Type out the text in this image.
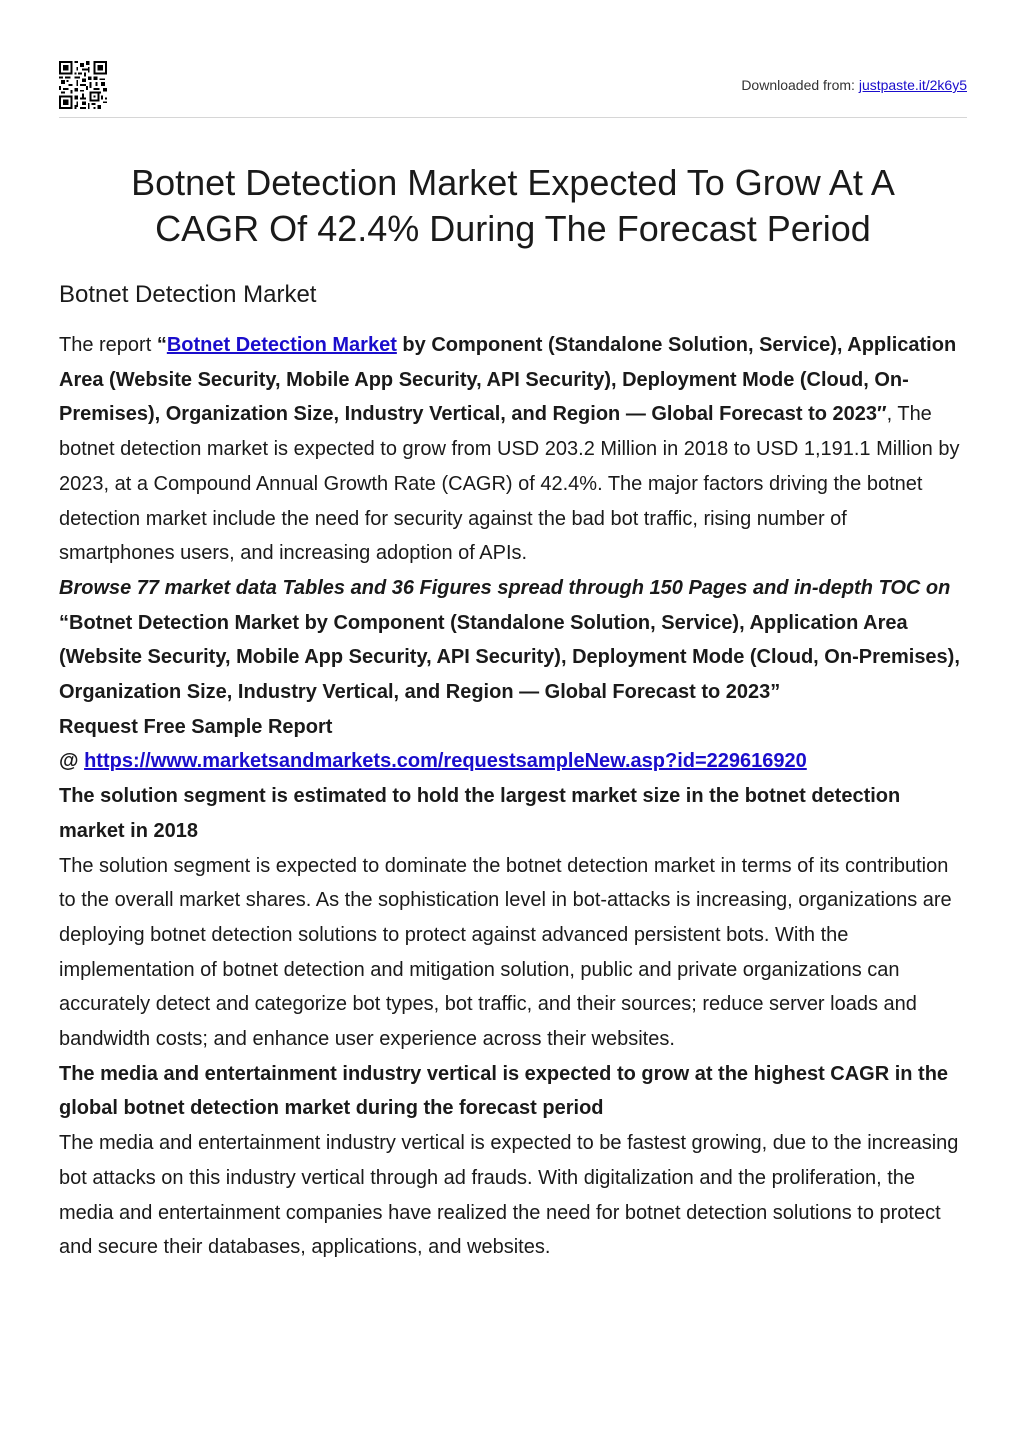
Downloaded from: justpaste.it/2k6y5
Botnet Detection Market Expected To Grow At A
CAGR Of 42.4% During The Forecast Period
Botnet Detection Market

The report “Botnet Detection Market by Component (Standalone Solution, Service), Application Area (Website Security, Mobile App Security, API Security), Deployment Mode (Cloud, On-Premises), Organization Size, Industry Vertical, and Region — Global Forecast to 2023″, The botnet detection market is expected to grow from USD 203.2 Million in 2018 to USD 1,191.1 Million by 2023, at a Compound Annual Growth Rate (CAGR) of 42.4%. The major factors driving the botnet detection market include the need for security against the bad bot traffic, rising number of smartphones users, and increasing adoption of APIs.

Browse 77 market data Tables and 36 Figures spread through 150 Pages and in-depth TOC on “Botnet Detection Market by Component (Standalone Solution, Service), Application Area (Website Security, Mobile App Security, API Security), Deployment Mode (Cloud, On-Premises), Organization Size, Industry Vertical, and Region — Global Forecast to 2023”

Request Free Sample Report

@ https://www.marketsandmarkets.com/requestsampleNew.asp?id=229616920

The solution segment is estimated to hold the largest market size in the botnet detection market in 2018

The solution segment is expected to dominate the botnet detection market in terms of its contribution to the overall market shares. As the sophistication level in bot-attacks is increasing, organizations are deploying botnet detection solutions to protect against advanced persistent bots. With the implementation of botnet detection and mitigation solution, public and private organizations can accurately detect and categorize bot types, bot traffic, and their sources; reduce server loads and bandwidth costs; and enhance user experience across their websites.

The media and entertainment industry vertical is expected to grow at the highest CAGR in the global botnet detection market during the forecast period

The media and entertainment industry vertical is expected to be fastest growing, due to the increasing bot attacks on this industry vertical through ad frauds. With digitalization and the proliferation, the media and entertainment companies have realized the need for botnet detection solutions to protect and secure their databases, applications, and websites.
